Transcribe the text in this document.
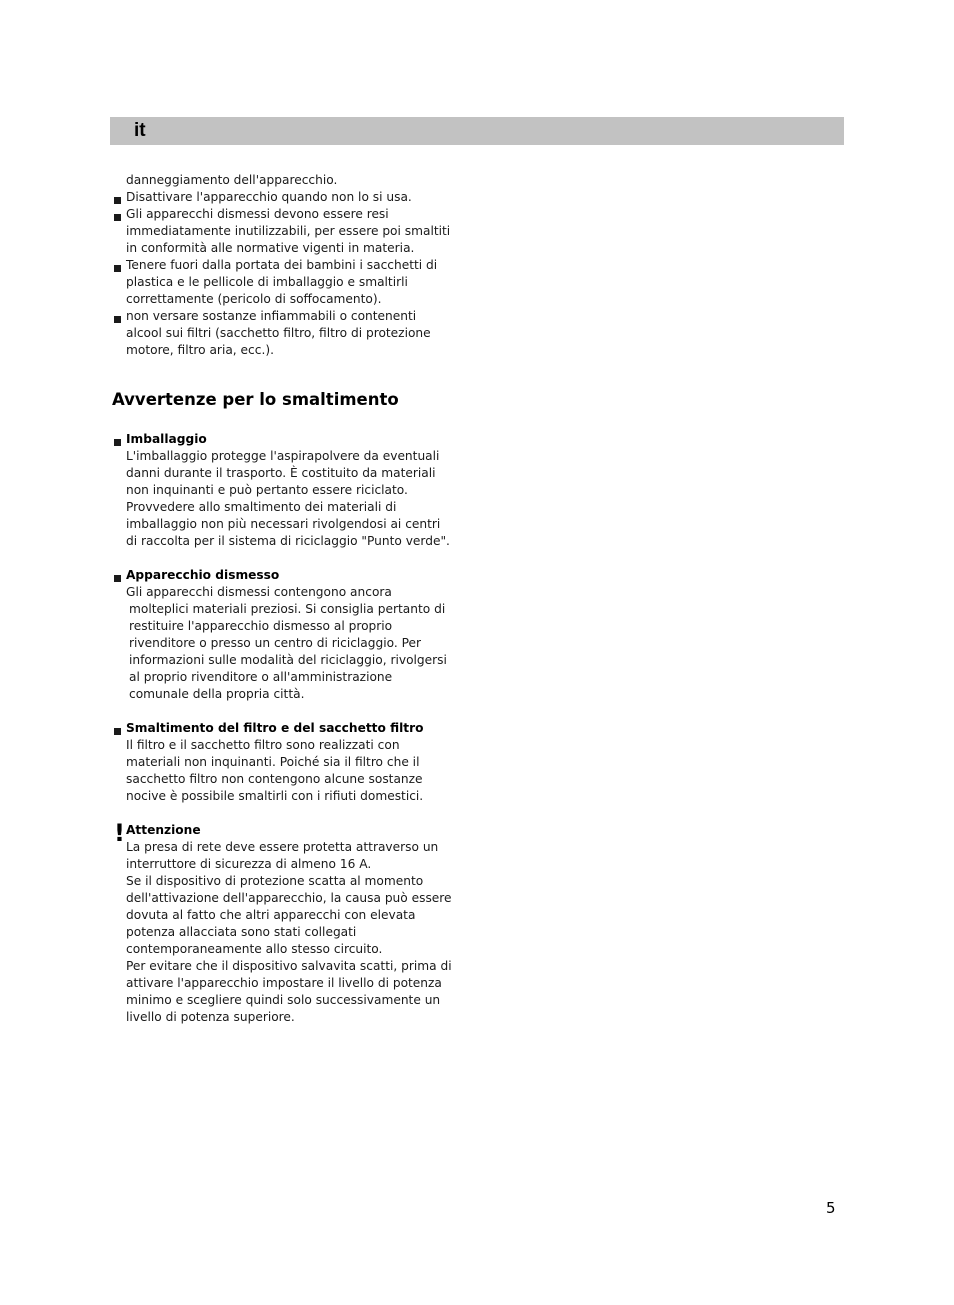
it
danneggiamento dell'apparecchio.
Disattivare l'apparecchio quando non lo si usa.
Gli apparecchi dismessi devono essere resi
immediatamente inutilizzabili, per essere poi smaltiti
in conformità alle normative vigenti in materia.
Tenere fuori dalla portata dei bambini i sacchetti di
plastica e le pellicole di imballaggio e smaltirli
correttamente (pericolo di soffocamento).
non versare sostanze infiammabili o contenenti
alcool sui filtri (sacchetto filtro, filtro di protezione
motore, filtro aria, ecc.).
Avvertenze per lo smaltimento
Imballaggio
L'imballaggio protegge l'aspirapolvere da eventuali
danni durante il trasporto. È costituito da materiali
non inquinanti e può pertanto essere riciclato.
Provvedere allo smaltimento dei materiali di
imballaggio non più necessari rivolgendosi ai centri
di raccolta per il sistema di riciclaggio "Punto verde".
Apparecchio dismesso
Gli apparecchi dismessi contengono ancora
molteplici materiali preziosi. Si consiglia pertanto di
restituire l'apparecchio dismesso al proprio
rivenditore o presso un centro di riciclaggio. Per
informazioni sulle modalità del riciclaggio, rivolgersi
al proprio rivenditore o all'amministrazione
comunale della propria città.
Smaltimento del filtro e del sacchetto filtro
Il filtro e il sacchetto filtro sono realizzati con
materiali non inquinanti. Poiché sia il filtro che il
sacchetto filtro non contengono alcune sostanze
nocive è possibile smaltirli con i rifiuti domestici.
! Attenzione
La presa di rete deve essere protetta attraverso un
interruttore di sicurezza di almeno 16 A.
Se il dispositivo di protezione scatta al momento
dell'attivazione dell'apparecchio, la causa può essere
dovuta al fatto che altri apparecchi con elevata
potenza allacciata sono stati collegati
contemporaneamente allo stesso circuito.
Per evitare che il dispositivo salvavita scatti, prima di
attivare l'apparecchio impostare il livello di potenza
minimo e scegliere quindi solo successivamente un
livello di potenza superiore.
5
